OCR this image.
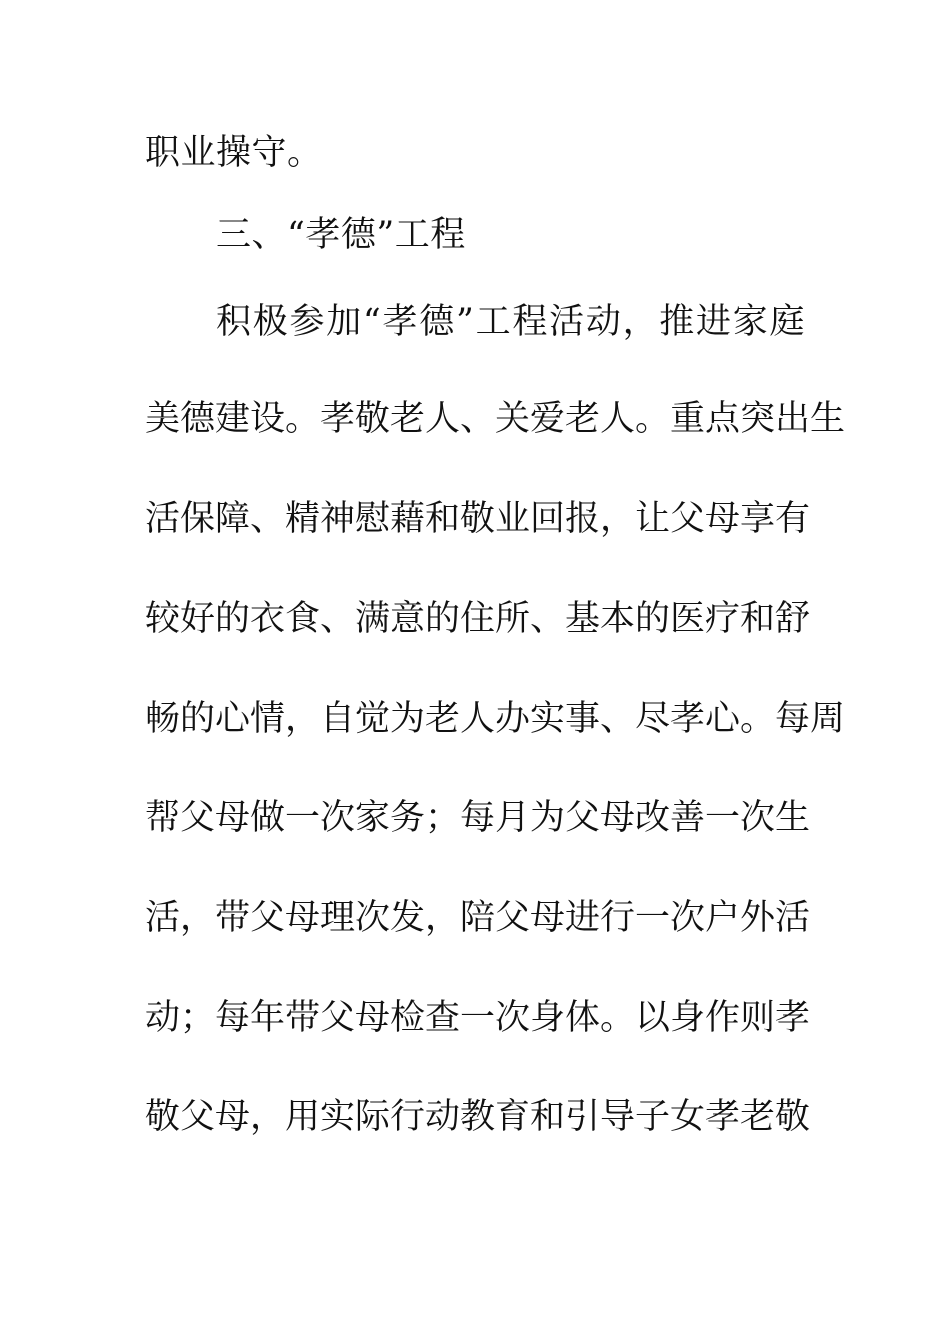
职业操守。
三、“孝德”工程
积极参加“孝德”工程活动，推进家庭
美德建设。孝敬老人、关爱老人。重点突出生
活保障、精神慰藉和敬业回报，让父母享有
较好的衣食、满意的住所、基本的医疗和舒
畅的心情，自觉为老人办实事、尽孝心。每周
帮父母做一次家务；每月为父母改善一次生
活，带父母理次发，陪父母进行一次户外活
动；每年带父母检查一次身体。以身作则孝
敬父母，用实际行动教育和引导子女孝老敬
